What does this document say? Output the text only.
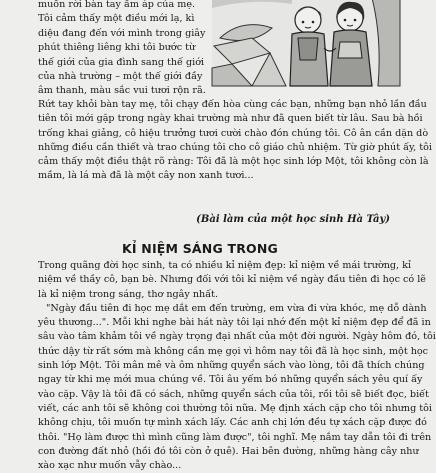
muốn rời bàn tay ấm áp của mẹ.

Tôi cảm thấy một điều mới lạ, kì

diệu đang đến với mình trong giây

phút thiêng liêng khi tôi bước từ

thế giới của gia đình sang thế giới

của nhà trường – một thế giới đầy

âm thanh, màu sắc vui tươi rộn rã.

Rứt tay khỏi bàn tay mẹ, tôi chạy đến hòa cùng các bạn, những bạn nhỏ lần đầu

tiên tôi mới gặp trong ngày khai trường mà như đã quen biết từ lâu. Sau bà hồi

trống khai giảng, cô hiệu trưởng tươi cười chào đón chúng tôi. Cô ân cần dặn dò

những điều cần thiết và trao chúng tôi cho cô giáo chủ nhiệm. Từ giờ phút ấy, tôi

cảm thấy một điều thật rõ ràng: Tôi đã là một học sinh lớp Một, tôi không còn là

mầm, là lá mà đã là một cây non xanh tươi...

(Bài làm của một học sinh Hà Tây)
KỈ NIỆM SÁNG TRONG

Trong quãng đời học sinh, ta có nhiều kỉ niệm đẹp: kỉ niệm về mái trường, kỉ

niệm về thầy cô, bạn bè. Nhưng đối với tôi kỉ niệm về ngày đầu tiên đi học có lẽ

là kỉ niệm trong sáng, thơ ngây nhất.

"Ngày đầu tiên đi học mẹ dắt em đến trường, em vừa đi vừa khóc, mẹ dỗ dành

yêu thương...". Mỗi khi nghe bài hát này tôi lại nhớ đến một kỉ niệm đẹp để đã in

sâu vào tâm khảm tôi về ngày trọng đại nhất của một đời người. Ngày hôm đó, tôi

thức dậy từ rất sớm mà không cần mẹ gọi vì hôm nay tôi đã là học sinh, một học

sinh lớp Một. Tôi mân mê và ôm những quyển sách vào lòng, tôi đã thích chúng

ngay từ khi mẹ mới mua chúng về. Tôi âu yếm bó những quyển sách yêu quí ấy

vào cặp. Vậy là tôi đã có sách, những quyển sách của tôi, rồi tôi sẽ biết đọc, biết

viết, các anh tôi sẽ không coi thường tôi nữa. Mẹ định xách cặp cho tôi nhưng tôi

không chịu, tôi muốn tự mình xách lấy. Các anh chị lớn đều tự xách cặp được đó

thôi. "Họ làm được thì mình cũng làm được", tôi nghĩ. Mẹ nắm tay dẫn tôi đi trên

con đường đất nhỏ (hồi đó tôi còn ở quê). Hai bên đường, những hàng cây như

xào xạc như muốn vẫy chào...
